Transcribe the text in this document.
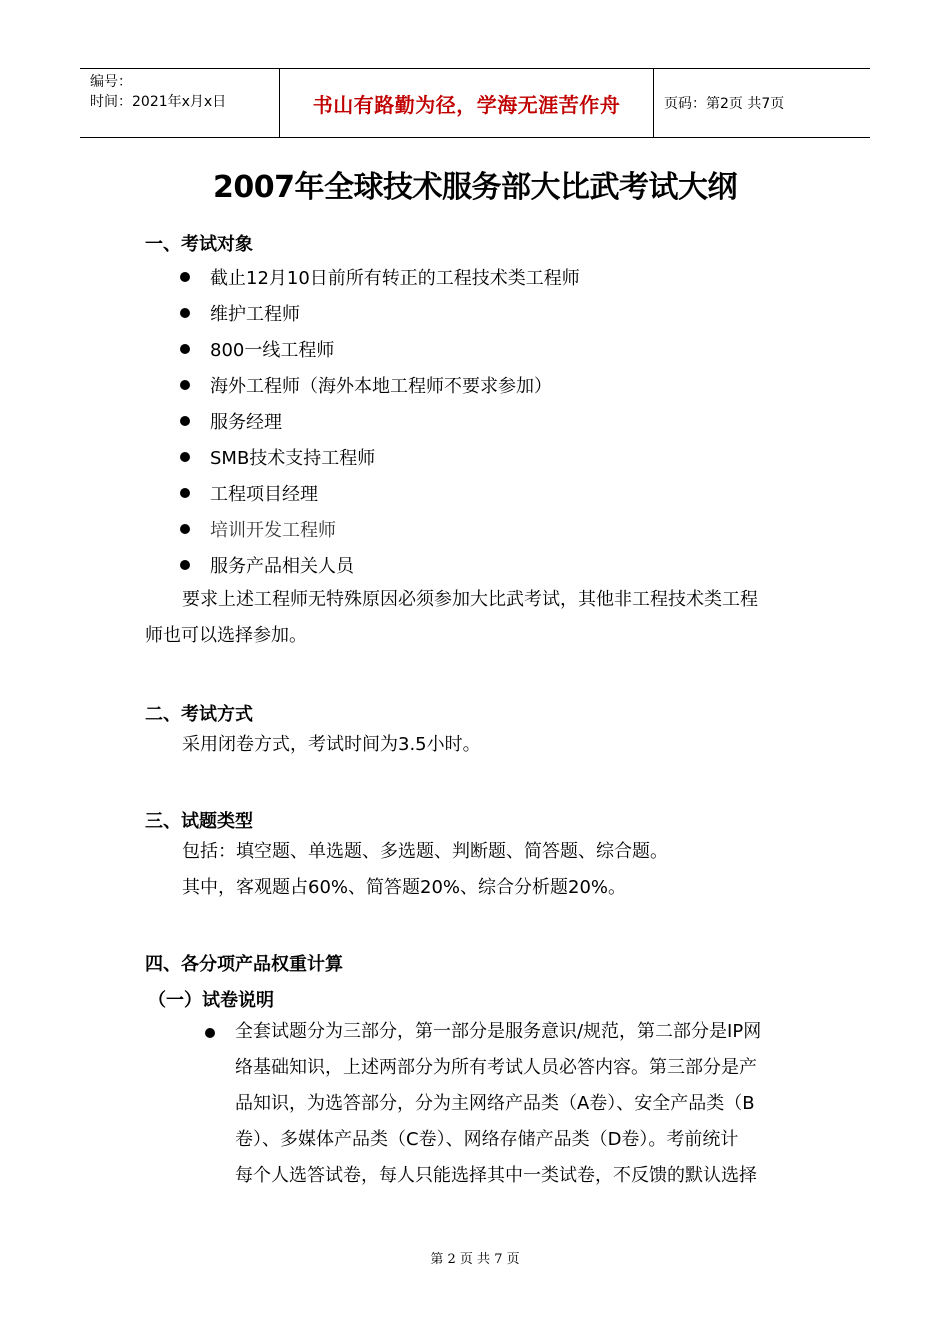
编号：
时间：2021年x月x日	书山有路勤为径，学海无涯苦作舟	页码：第2页 共7页
2007年全球技术服务部大比武考试大纲
一、考试对象
截止12月10日前所有转正的工程技术类工程师
维护工程师
800一线工程师
海外工程师（海外本地工程师不要求参加）
服务经理
SMB技术支持工程师
工程项目经理
培训开发工程师
服务产品相关人员
要求上述工程师无特殊原因必须参加大比武考试，其他非工程技术类工程
师也可以选择参加。
二、考试方式
采用闭卷方式，考试时间为3.5小时。
三、试题类型
包括：填空题、单选题、多选题、判断题、简答题、综合题。
其中，客观题占60%、简答题20%、综合分析题20%。
四、各分项产品权重计算
（一）试卷说明
全套试题分为三部分，第一部分是服务意识/规范，第二部分是IP网
络基础知识，上述两部分为所有考试人员必答内容。第三部分是产
品知识，为选答部分，分为主网络产品类（A卷）、安全产品类（B
卷）、多媒体产品类（C卷）、网络存储产品类（D卷）。考前统计
每个人选答试卷，每人只能选择其中一类试卷，不反馈的默认选择
第 2 页 共 7 页
